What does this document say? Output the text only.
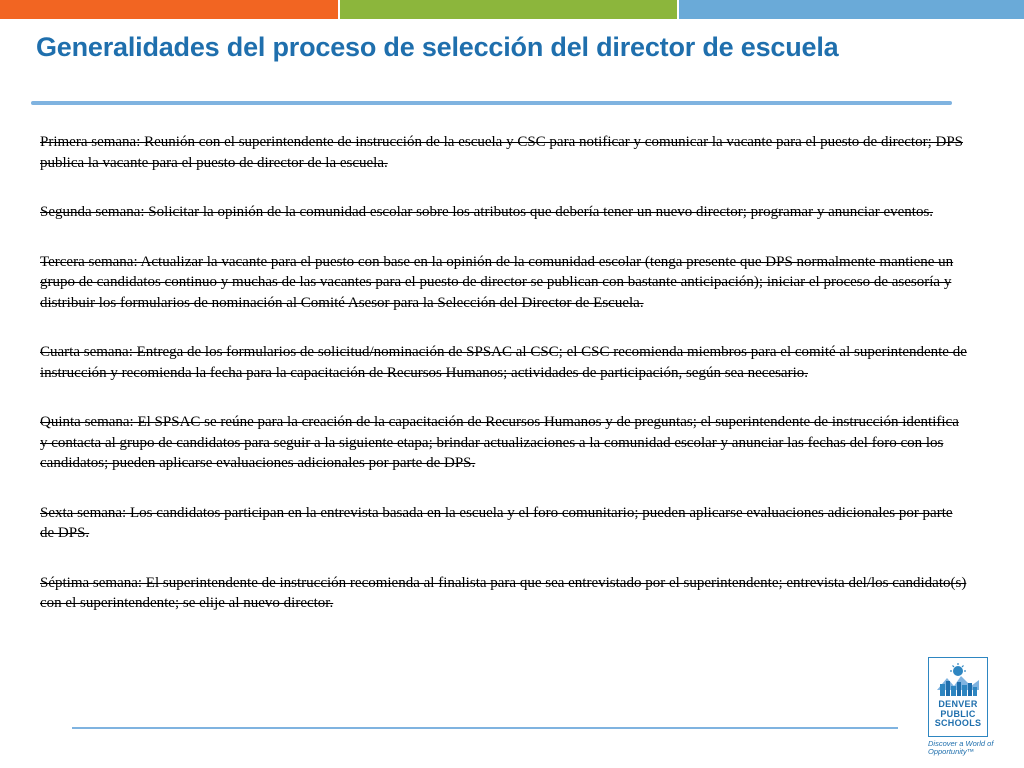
Generalidades del proceso de selección del director de escuela

Primera semana: Reunión con el superintendente de instrucción de la escuela y CSC para notificar y comunicar la vacante para el puesto de director; DPS publica la vacante para el puesto de director de la escuela.

Segunda semana: Solicitar la opinión de la comunidad escolar sobre los atributos que debería tener un nuevo director; programar y anunciar eventos.

Tercera semana: Actualizar la vacante para el puesto con base en la opinión de la comunidad escolar (tenga presente que DPS normalmente mantiene un grupo de candidatos continuo y muchas de las vacantes para el puesto de director se publican con bastante anticipación); iniciar el proceso de asesoría y distribuir los formularios de nominación al Comité Asesor para la Selección del Director de Escuela.

Cuarta semana: Entrega de los formularios de solicitud/nominación de SPSAC al CSC; el CSC recomienda miembros para el comité al superintendente de instrucción y recomienda la fecha para la capacitación de Recursos Humanos; actividades de participación, según sea necesario.

Quinta semana: El SPSAC se reúne para la creación de la capacitación de Recursos Humanos y de preguntas; el superintendente de instrucción identifica y contacta al grupo de candidatos para seguir a la siguiente etapa; brindar actualizaciones a la comunidad escolar y anunciar las fechas del foro con los candidatos; pueden aplicarse evaluaciones adicionales por parte de DPS.

Sexta semana: Los candidatos participan en la entrevista basada en la escuela y el foro comunitario; pueden aplicarse evaluaciones adicionales por parte de DPS.

Séptima semana: El superintendente de instrucción recomienda al finalista para que sea entrevistado por el superintendente; entrevista del/los candidato(s) con el superintendente; se elije al nuevo director.

DENVER
PUBLIC
SCHOOLS
Discover a World of Opportunity™
